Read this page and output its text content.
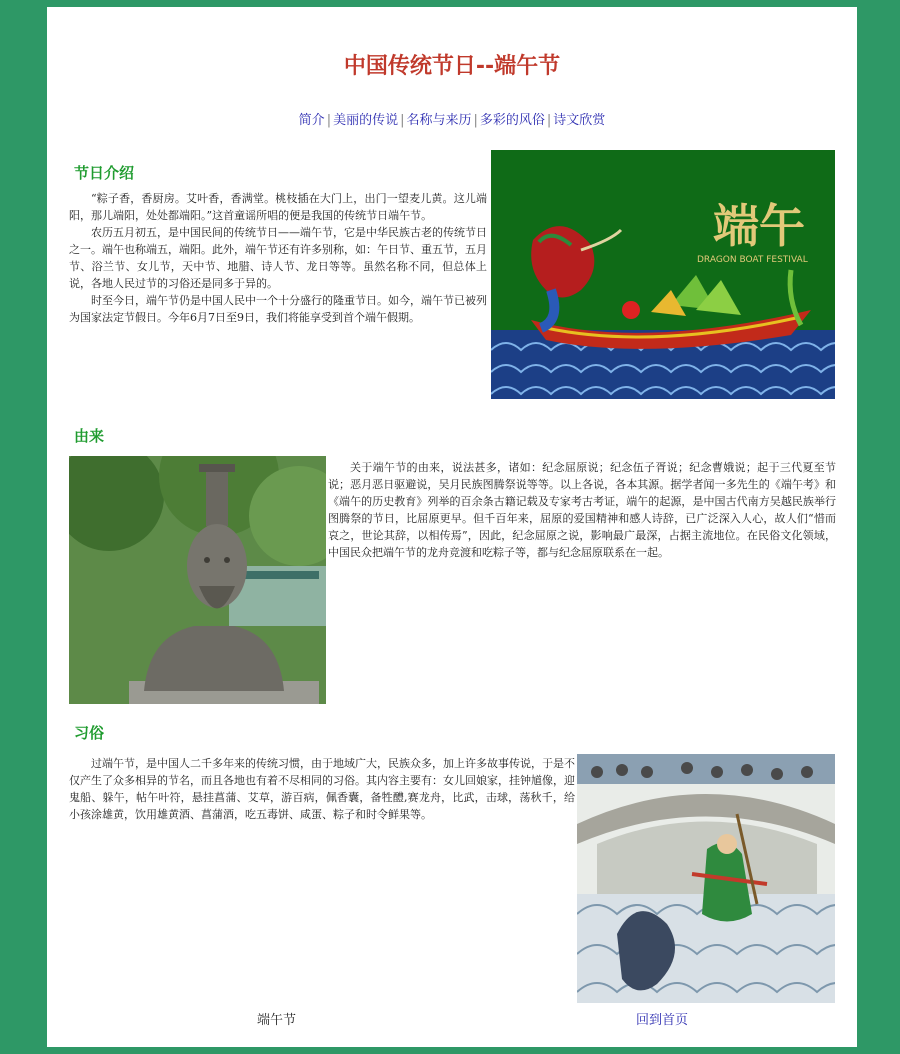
中国传统节日--端午节
简介 | 美丽的传说 | 名称与来历 | 多彩的风俗 | 诗文欣赏
节日介绍

“粽子香，香厨房。艾叶香，香满堂。桃枝插在大门上，出门一望麦儿黄。这儿端阳，那儿端阳，处处都端阳。”这首童谣所唱的便是我国的传统节日端午节。

农历五月初五，是中国民间的传统节日——端午节，它是中华民族古老的传统节日之一。端午也称端五，端阳。此外，端午节还有许多别称，如：午日节、重五节，五月节、浴兰节、女儿节，天中节、地腊、诗人节、龙日等等。虽然名称不同，但总体上说，各地人民过节的习俗还是同多于异的。

时至今日，端午节仍是中国人民中一个十分盛行的隆重节日。如今，端午节已被列为国家法定节假日。今年6月7日至9日，我们将能享受到首个端午假期。

端午
DRAGON BOAT FESTIVAL
由来

关于端午节的由来，说法甚多，诸如：纪念屈原说；纪念伍子胥说；纪念曹娥说；起于三代夏至节说；恶月恶日驱避说，吴月民族图腾祭说等等。以上各说，各本其源。据学者闻一多先生的《端午考》和《端午的历史教育》列举的百余条古籍记载及专家考古考证，端午的起源，是中国古代南方吴越民族举行图腾祭的节日，比屈原更早。但千百年来，屈原的爱国精神和感人诗辞，已广泛深入人心，故人们“惜而哀之，世论其辞，以相传焉”，因此，纪念屈原之说，影响最广最深，占据主流地位。在民俗文化领域，中国民众把端午节的龙舟竞渡和吃粽子等，都与纪念屈原联系在一起。

习俗

过端午节，是中国人二千多年来的传统习惯，由于地域广大，民族众多，加上许多故事传说，于是不仅产生了众多相异的节名，而且各地也有着不尽相同的习俗。其内容主要有：女儿回娘家，挂钟馗像，迎鬼船、躲午，帖午叶符，悬挂菖蒲、艾草，游百病，佩香囊，备牲醴,赛龙舟，比武，击球，荡秋千，给小孩涂雄黄，饮用雄黄酒、菖蒲酒，吃五毒饼、咸蛋、粽子和时令鲜果等。

端午节	回到首页
